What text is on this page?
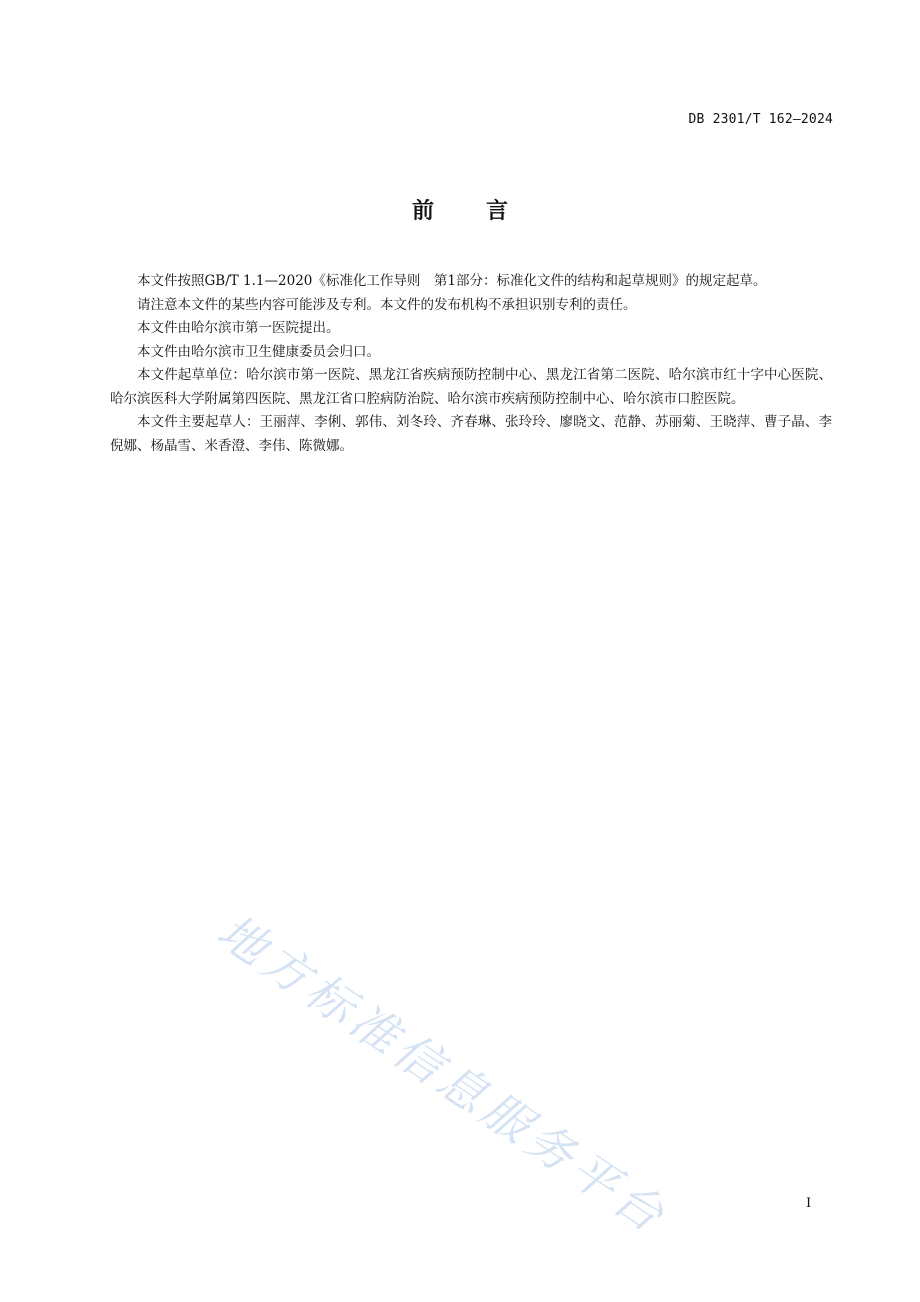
DB 2301/T 162—2024
前 言

本文件按照GB/T 1.1—2020《标准化工作导则　第1部分：标准化文件的结构和起草规则》的规定起草。

请注意本文件的某些内容可能涉及专利。本文件的发布机构不承担识别专利的责任。

本文件由哈尔滨市第一医院提出。

本文件由哈尔滨市卫生健康委员会归口。

本文件起草单位：哈尔滨市第一医院、黑龙江省疾病预防控制中心、黑龙江省第二医院、哈尔滨市红十字中心医院、哈尔滨医科大学附属第四医院、黑龙江省口腔病防治院、哈尔滨市疾病预防控制中心、哈尔滨市口腔医院。

本文件主要起草人：王丽萍、李俐、郭伟、刘冬玲、齐春琳、张玲玲、廖晓文、范静、苏丽菊、王晓萍、曹子晶、李倪娜、杨晶雪、米香澄、李伟、陈微娜。

地方标准信息服务平台	I
